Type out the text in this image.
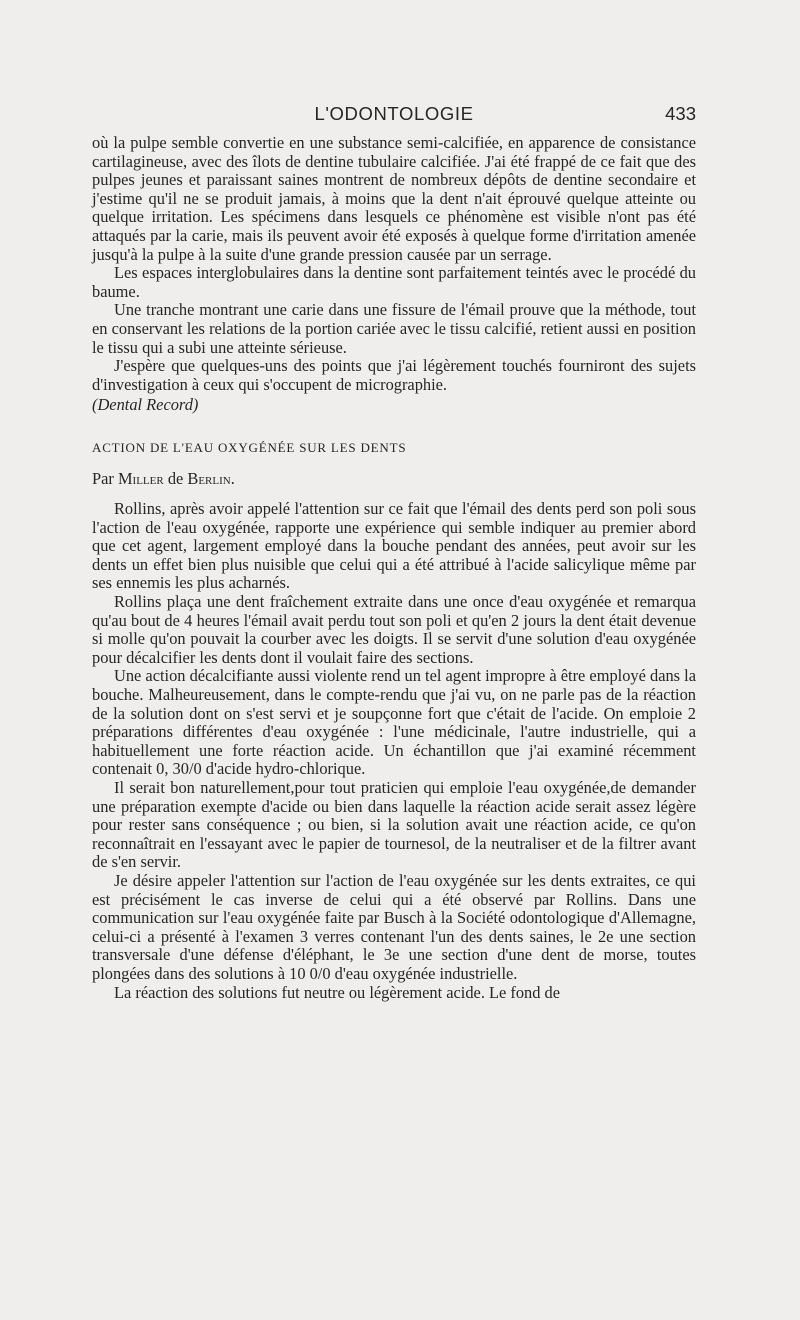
L'ODONTOLOGIE	433

où la pulpe semble convertie en une substance semi-calcifiée, en apparence de consistance cartilagineuse, avec des îlots de dentine tubulaire calcifiée. J'ai été frappé de ce fait que des pulpes jeunes et paraissant saines montrent de nombreux dépôts de dentine secondaire et j'estime qu'il ne se produit jamais, à moins que la dent n'ait éprouvé quelque atteinte ou quelque irritation. Les spécimens dans lesquels ce phénomène est visible n'ont pas été attaqués par la carie, mais ils peuvent avoir été exposés à quelque forme d'irritation amenée jusqu'à la pulpe à la suite d'une grande pression causée par un serrage.

Les espaces interglobulaires dans la dentine sont parfaitement teintés avec le procédé du baume.

Une tranche montrant une carie dans une fissure de l'émail prouve que la méthode, tout en conservant les relations de la portion cariée avec le tissu calcifié, retient aussi en position le tissu qui a subi une atteinte sérieuse.

J'espère que quelques-uns des points que j'ai légèrement touchés fourniront des sujets d'investigation à ceux qui s'occupent de micrographie.

(Dental Record)

ACTION DE L'EAU OXYGÉNÉE SUR LES DENTS

Par Miller de Berlin.

Rollins, après avoir appelé l'attention sur ce fait que l'émail des dents perd son poli sous l'action de l'eau oxygénée, rapporte une expérience qui semble indiquer au premier abord que cet agent, largement employé dans la bouche pendant des années, peut avoir sur les dents un effet bien plus nuisible que celui qui a été attribué à l'acide salicylique même par ses ennemis les plus acharnés.

Rollins plaça une dent fraîchement extraite dans une once d'eau oxygénée et remarqua qu'au bout de 4 heures l'émail avait perdu tout son poli et qu'en 2 jours la dent était devenue si molle qu'on pouvait la courber avec les doigts. Il se servit d'une solution d'eau oxygénée pour décalcifier les dents dont il voulait faire des sections.

Une action décalcifiante aussi violente rend un tel agent impropre à être employé dans la bouche. Malheureusement, dans le compte-rendu que j'ai vu, on ne parle pas de la réaction de la solution dont on s'est servi et je soupçonne fort que c'était de l'acide. On emploie 2 préparations différentes d'eau oxygénée : l'une médicinale, l'autre industrielle, qui a habituellement une forte réaction acide. Un échantillon que j'ai examiné récemment contenait 0, 30/0 d'acide hydro-chlorique.

Il serait bon naturellement,pour tout praticien qui emploie l'eau oxygénée,de demander une préparation exempte d'acide ou bien dans laquelle la réaction acide serait assez légère pour rester sans conséquence ; ou bien, si la solution avait une réaction acide, ce qu'on reconnaîtrait en l'essayant avec le papier de tournesol, de la neutraliser et de la filtrer avant de s'en servir.

Je désire appeler l'attention sur l'action de l'eau oxygénée sur les dents extraites, ce qui est précisément le cas inverse de celui qui a été observé par Rollins. Dans une communication sur l'eau oxygénée faite par Busch à la Société odontologique d'Allemagne, celui-ci a présenté à l'examen 3 verres contenant l'un des dents saines, le 2e une section transversale d'une défense d'éléphant, le 3e une section d'une dent de morse, toutes plongées dans des solutions à 10 0/0 d'eau oxygénée industrielle.

La réaction des solutions fut neutre ou légèrement acide. Le fond de
